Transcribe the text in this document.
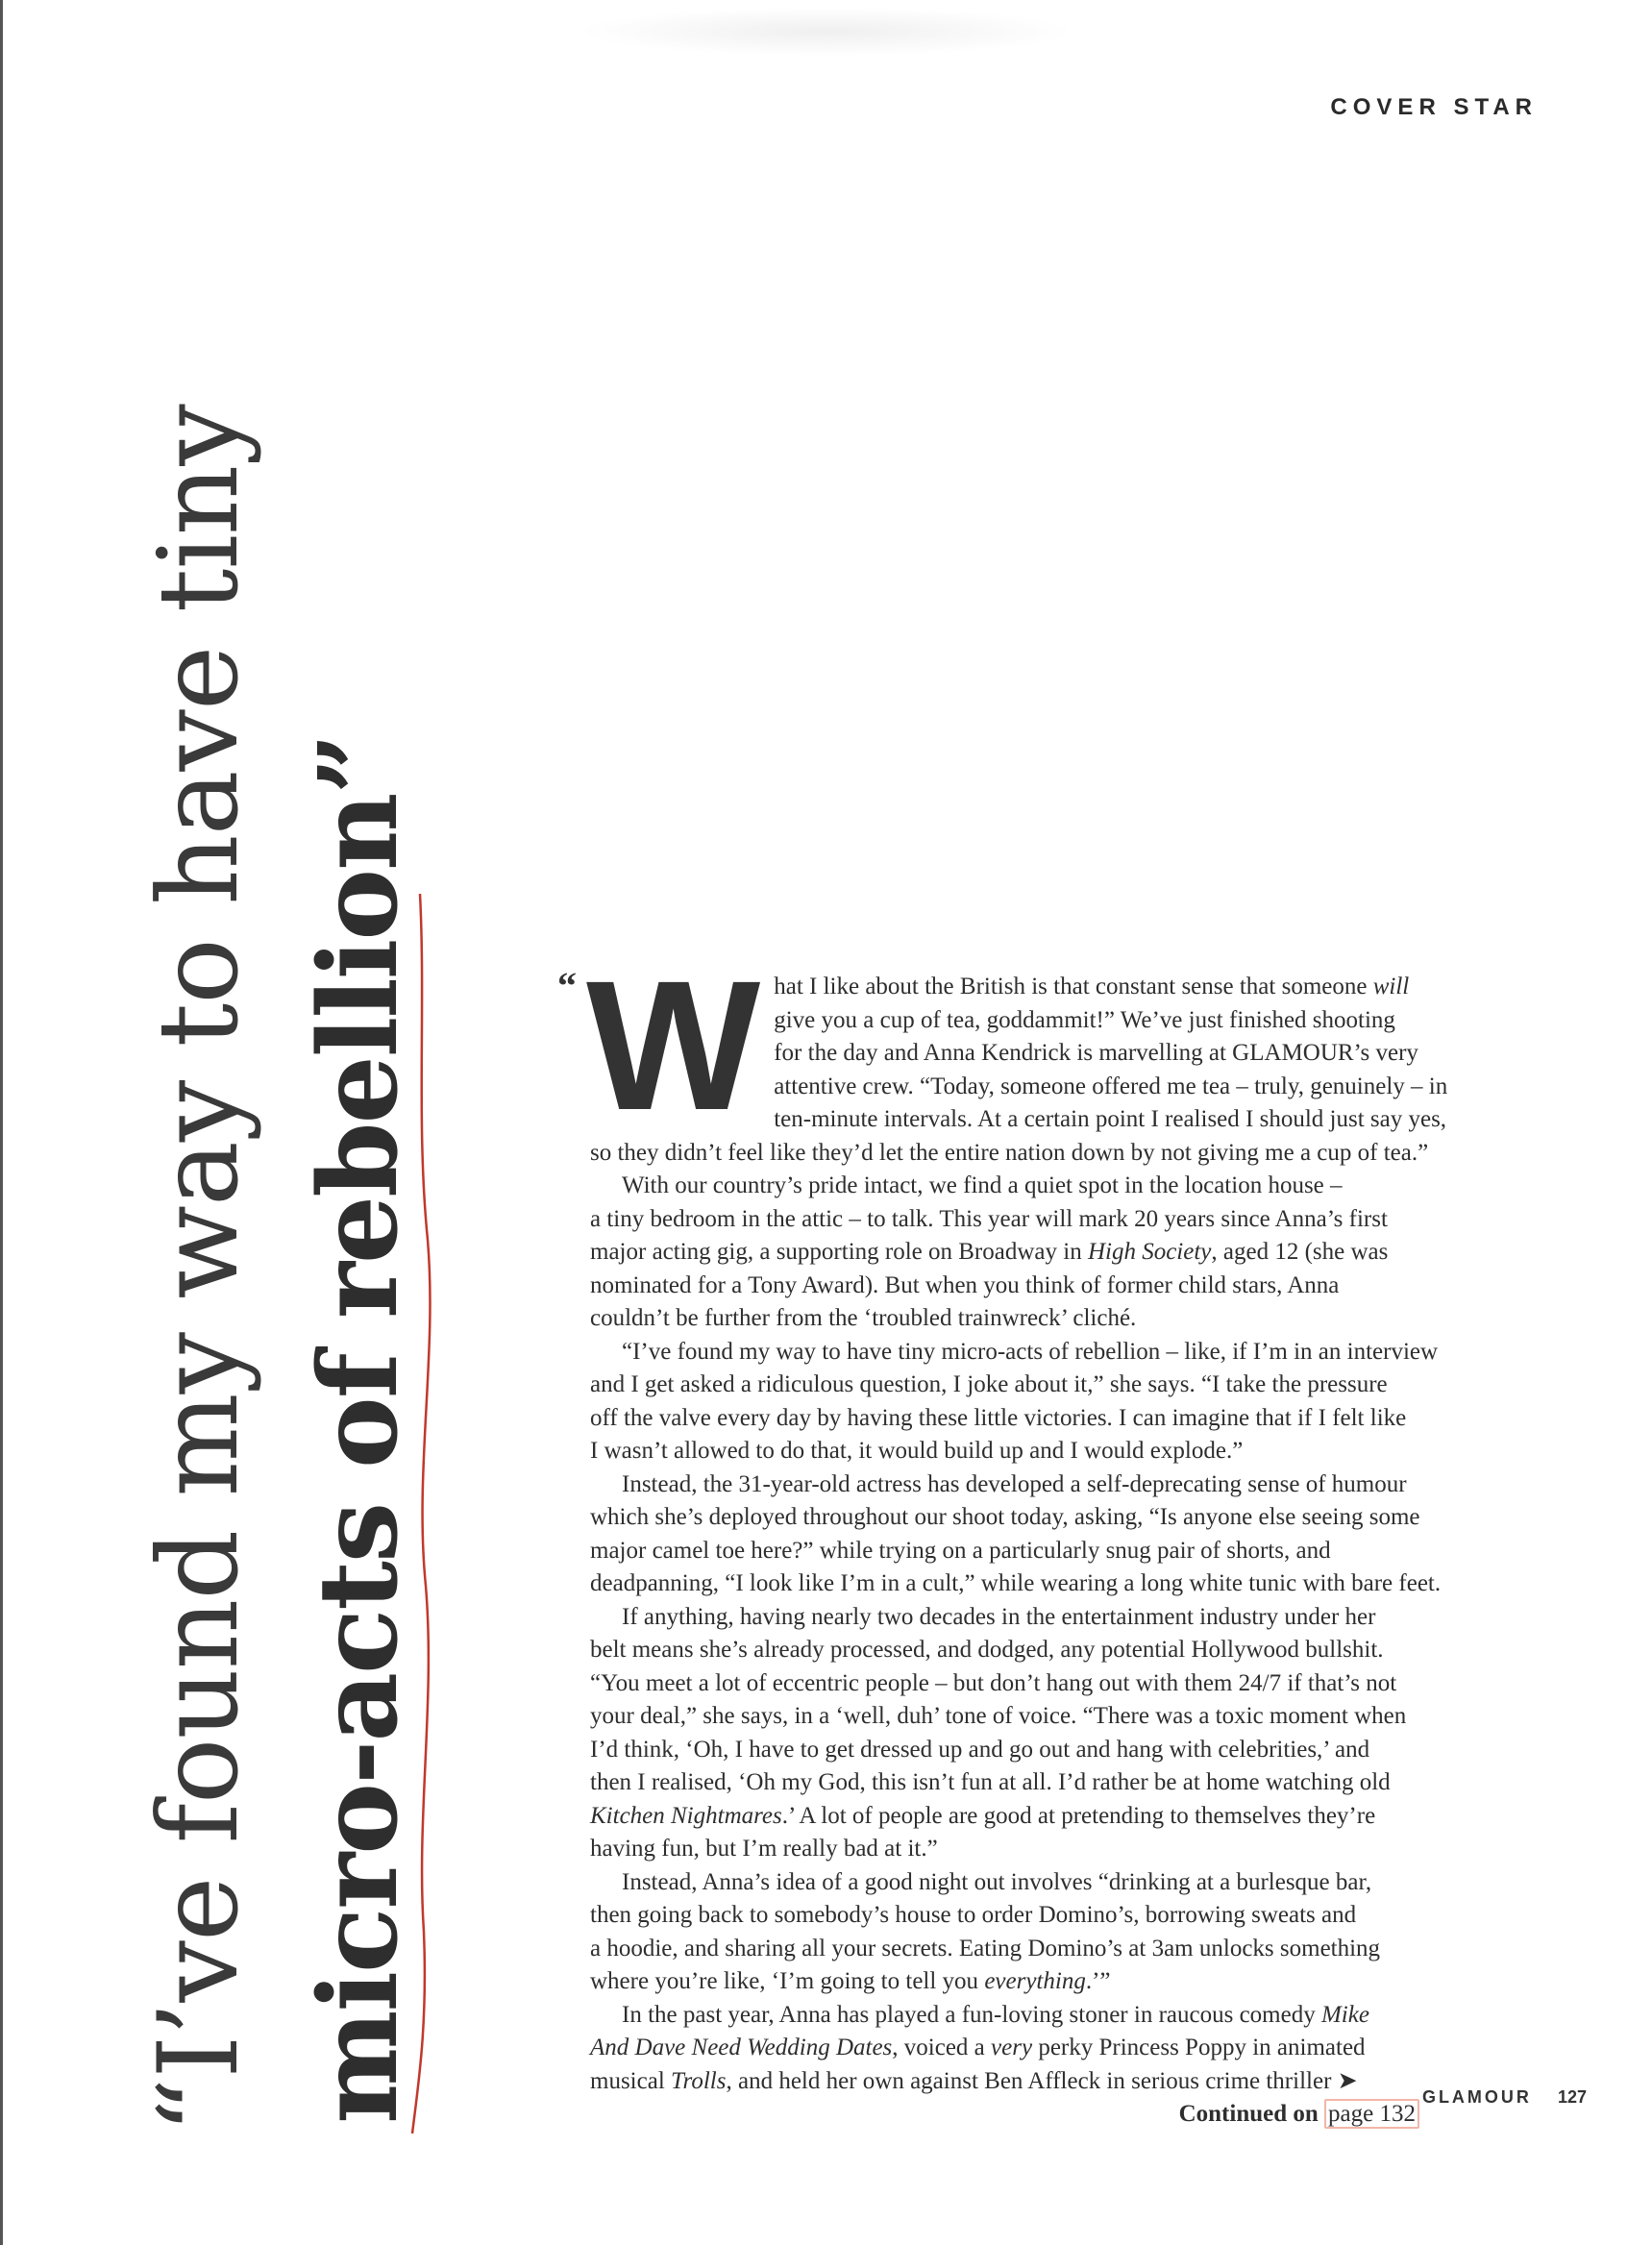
COVER STAR
“I’ve found my way to have tiny micro-acts of rebellion”	“ W hat I like about the British is that constant sense that someone will
give you a cup of tea, goddammit!” We’ve just finished shooting
for the day and Anna Kendrick is marvelling at GLAMOUR’s very
attentive crew. “Today, someone offered me tea – truly, genuinely – in
ten-minute intervals. At a certain point I realised I should just say yes,
so they didn’t feel like they’d let the entire nation down by not giving me a cup of tea.”
With our country’s pride intact, we find a quiet spot in the location house –
a tiny bedroom in the attic – to talk. This year will mark 20 years since Anna’s first
major acting gig, a supporting role on Broadway in High Society, aged 12 (she was
nominated for a Tony Award). But when you think of former child stars, Anna
couldn’t be further from the ‘troubled trainwreck’ cliché.
“I’ve found my way to have tiny micro-acts of rebellion – like, if I’m in an interview
and I get asked a ridiculous question, I joke about it,” she says. “I take the pressure
off the valve every day by having these little victories. I can imagine that if I felt like
I wasn’t allowed to do that, it would build up and I would explode.”
Instead, the 31-year-old actress has developed a self-deprecating sense of humour
which she’s deployed throughout our shoot today, asking, “Is anyone else seeing some
major camel toe here?” while trying on a particularly snug pair of shorts, and
deadpanning, “I look like I’m in a cult,” while wearing a long white tunic with bare feet.
If anything, having nearly two decades in the entertainment industry under her
belt means she’s already processed, and dodged, any potential Hollywood bullshit.
“You meet a lot of eccentric people – but don’t hang out with them 24/7 if that’s not
your deal,” she says, in a ‘well, duh’ tone of voice. “There was a toxic moment when
I’d think, ‘Oh, I have to get dressed up and go out and hang with celebrities,’ and
then I realised, ‘Oh my God, this isn’t fun at all. I’d rather be at home watching old
Kitchen Nightmares.’ A lot of people are good at pretending to themselves they’re
having fun, but I’m really bad at it.”
Instead, Anna’s idea of a good night out involves “drinking at a burlesque bar,
then going back to somebody’s house to order Domino’s, borrowing sweats and
a hoodie, and sharing all your secrets. Eating Domino’s at 3am unlocks something
where you’re like, ‘I’m going to tell you everything.’”
In the past year, Anna has played a fun-loving stoner in raucous comedy Mike
And Dave Need Wedding Dates, voiced a very perky Princess Poppy in animated
musical Trolls, and held her own against Ben Affleck in serious crime thriller ➤
Continued on page 132
GLAMOUR 127
